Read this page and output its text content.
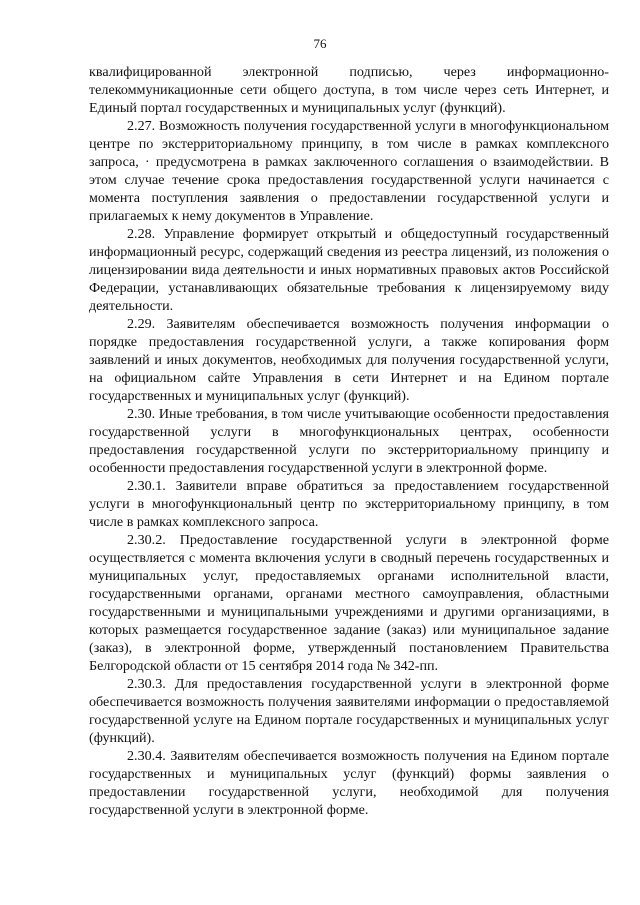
76

квалифицированной электронной подписью, через информационно-телекоммуникационные сети общего доступа, в том числе через сеть Интернет, и Единый портал государственных и муниципальных услуг (функций).

2.27. Возможность получения государственной услуги в многофункциональном центре по экстерриториальному принципу, в том числе в рамках комплексного запроса, · предусмотрена в рамках заключенного соглашения о взаимодействии. В этом случае течение срока предоставления государственной услуги начинается с момента поступления заявления о предоставлении государственной услуги и прилагаемых к нему документов в Управление.

2.28. Управление формирует открытый и общедоступный государственный информационный ресурс, содержащий сведения из реестра лицензий, из положения о лицензировании вида деятельности и иных нормативных правовых актов Российской Федерации, устанавливающих обязательные требования к лицензируемому виду деятельности.

2.29. Заявителям обеспечивается возможность получения информации о порядке предоставления государственной услуги, а также копирования форм заявлений и иных документов, необходимых для получения государственной услуги, на официальном сайте Управления в сети Интернет и на Едином портале государственных и муниципальных услуг (функций).

2.30. Иные требования, в том числе учитывающие особенности предоставления государственной услуги в многофункциональных центрах, особенности предоставления государственной услуги по экстерриториальному принципу и особенности предоставления государственной услуги в электронной форме.

2.30.1. Заявители вправе обратиться за предоставлением государственной услуги в многофункциональный центр по экстерриториальному принципу, в том числе в рамках комплексного запроса.

2.30.2. Предоставление государственной услуги в электронной форме осуществляется с момента включения услуги в сводный перечень государственных и муниципальных услуг, предоставляемых органами исполнительной власти, государственными органами, органами местного самоуправления, областными государственными и муниципальными учреждениями и другими организациями, в которых размещается государственное задание (заказ) или муниципальное задание (заказ), в электронной форме, утвержденный постановлением Правительства Белгородской области от 15 сентября 2014 года № 342-пп.

2.30.3. Для предоставления государственной услуги в электронной форме обеспечивается возможность получения заявителями информации о предоставляемой государственной услуге на Едином портале государственных и муниципальных услуг (функций).

2.30.4. Заявителям обеспечивается возможность получения на Едином портале государственных и муниципальных услуг (функций) формы заявления о предоставлении государственной услуги, необходимой для получения государственной услуги в электронной форме.
